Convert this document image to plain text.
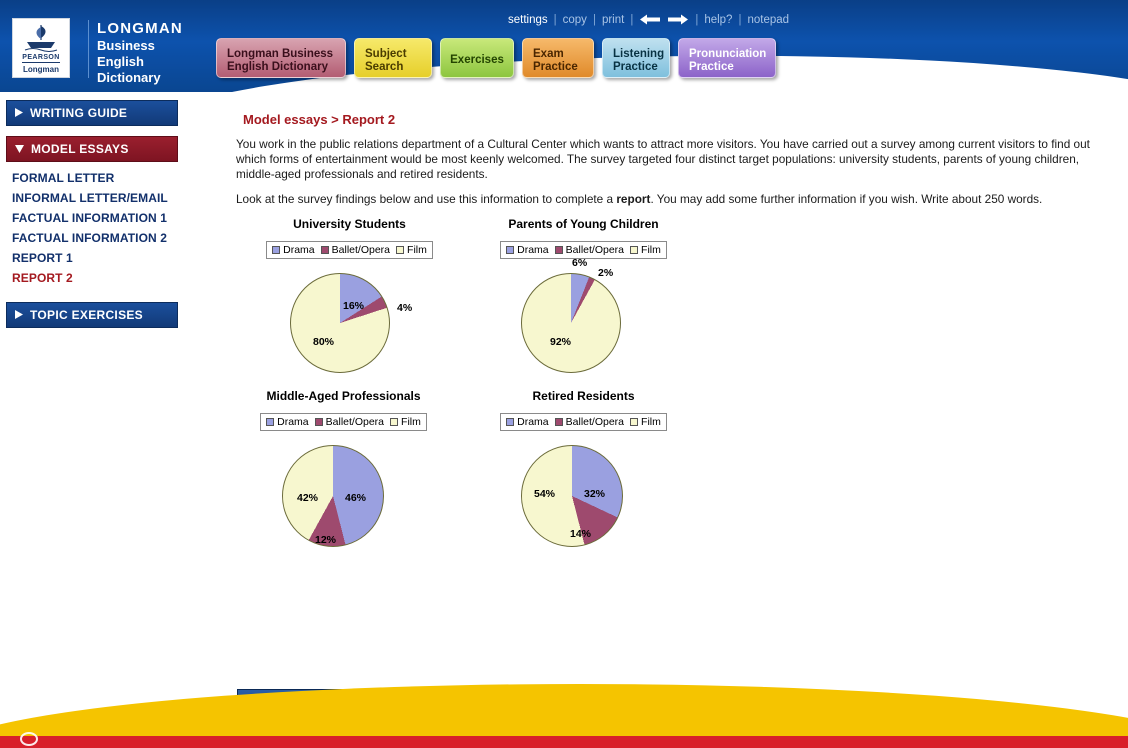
PEARSON
Longman
LONGMAN
Business
English
Dictionary
settings | copy | print |	| help? | notepad
Longman Business English Dictionary
Subject Search
Exercises
Exam Practice
Listening Practice
Pronunciation Practice
WRITING GUIDE
MODEL ESSAYS
FORMAL LETTER
INFORMAL LETTER/EMAIL
FACTUAL INFORMATION 1
FACTUAL INFORMATION 2
REPORT 1
REPORT 2
TOPIC EXERCISES
Model essays > Report 2
You work in the public relations department of a Cultural Center which wants to attract more visitors. You have carried out a survey among current visitors to find out which forms of entertainment would be most keenly welcomed. The survey targeted four distinct target populations: university students, parents of young children, middle-aged professionals and retired residents.
Look at the survey findings below and use this information to complete a report. You may add some further information if you wish. Write about 250 words.
University Students
Drama Ballet/Opera Film
16%	4%
80%
Parents of Young Children
Drama Ballet/Opera Film
6%
2%
92%
Middle-Aged Professionals
Drama Ballet/Opera Film
46%
12%
42%
Retired Residents
Drama Ballet/Opera Film
32%
14%
54%
